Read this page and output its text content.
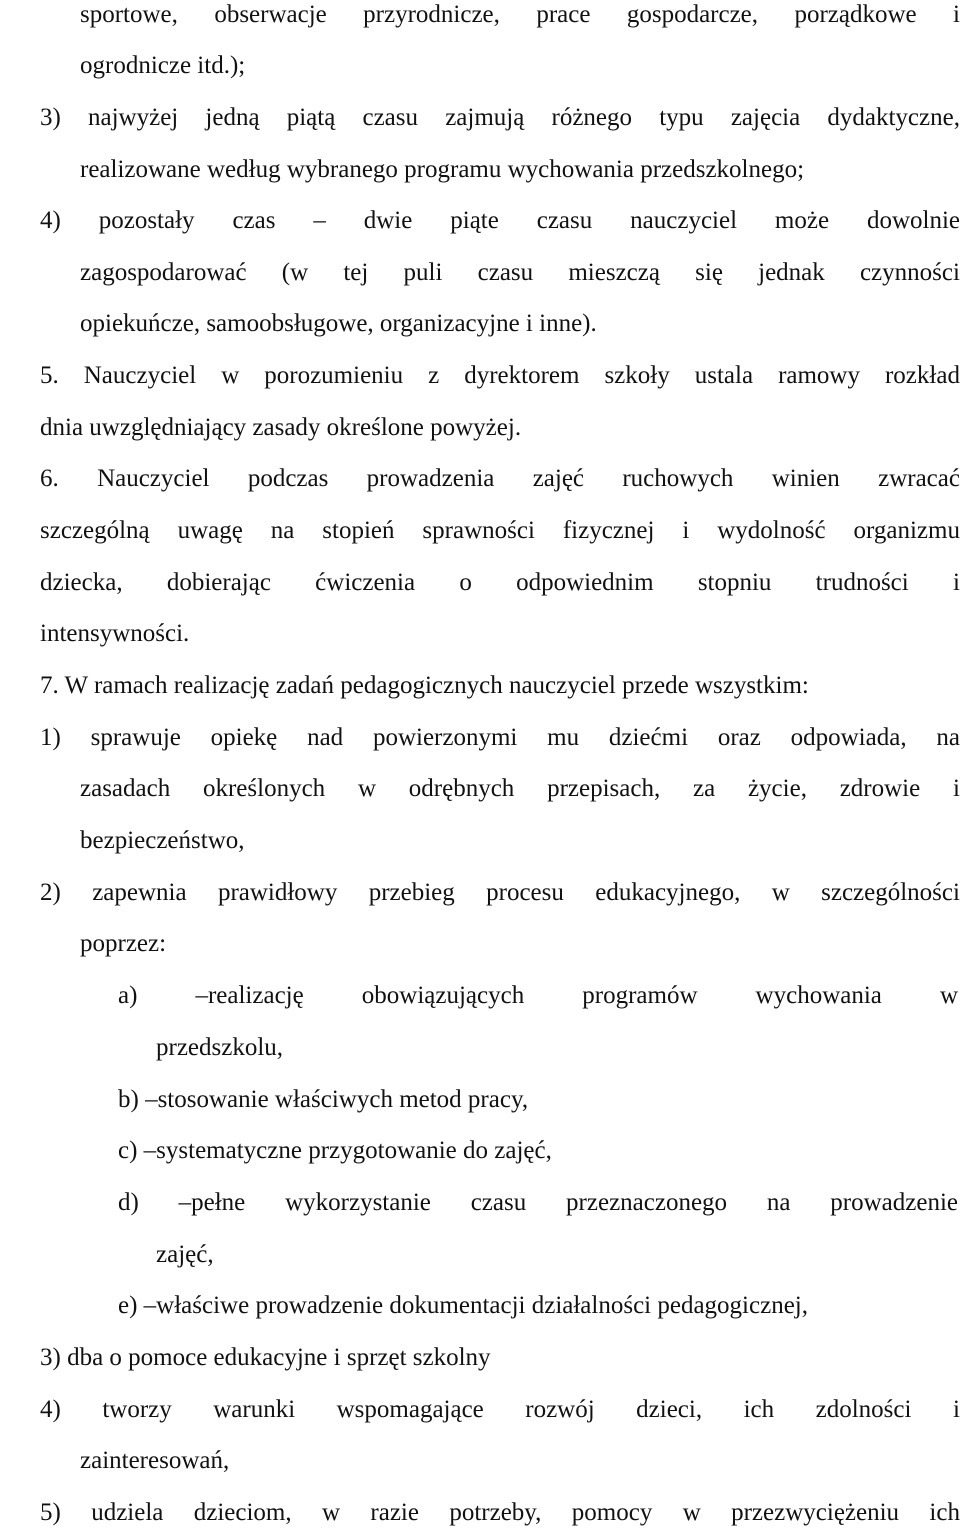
sportowe, obserwacje przyrodnicze, prace gospodarcze, porządkowe i
ogrodnicze itd.);
3) najwyżej jedną piątą czasu zajmują różnego typu zajęcia dydaktyczne,
realizowane według wybranego programu wychowania przedszkolnego;
4) pozostały czas – dwie piąte czasu nauczyciel może dowolnie
zagospodarować (w tej puli czasu mieszczą się jednak czynności
opiekuńcze, samoobsługowe, organizacyjne i inne).
5. Nauczyciel w porozumieniu z dyrektorem szkoły ustala ramowy rozkład
dnia uwzględniający zasady określone powyżej.
6. Nauczyciel podczas prowadzenia zajęć ruchowych winien zwracać
szczególną uwagę na stopień sprawności fizycznej i wydolność organizmu
dziecka, dobierając ćwiczenia o odpowiednim stopniu trudności i
intensywności.
7. W ramach realizację zadań pedagogicznych nauczyciel przede wszystkim:
1) sprawuje opiekę nad powierzonymi mu dziećmi oraz odpowiada, na
zasadach określonych w odrębnych przepisach, za życie, zdrowie i
bezpieczeństwo,
2) zapewnia prawidłowy przebieg procesu edukacyjnego, w szczególności
poprzez:
a) –realizację obowiązujących programów wychowania w
przedszkolu,
b) –stosowanie właściwych metod pracy,
c) –systematyczne przygotowanie do zajęć,
d) –pełne wykorzystanie czasu przeznaczonego na prowadzenie
zajęć,
e) –właściwe prowadzenie dokumentacji działalności pedagogicznej,
3) dba o pomoce edukacyjne i sprzęt szkolny
4) tworzy warunki wspomagające rozwój dzieci, ich zdolności i
zainteresowań,
5) udziela dzieciom, w razie potrzeby, pomocy w przezwyciężeniu ich
